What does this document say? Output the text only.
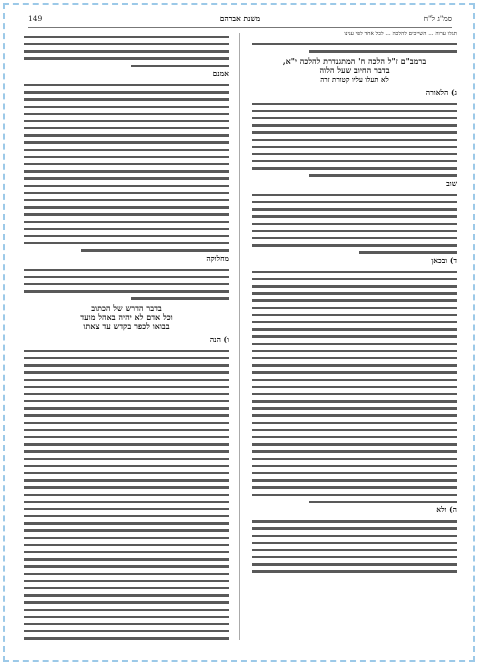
סמ"ג ל"ח
משנת אברהם
149
תגלו ערוה ... השייכים להלכה ... לכל אחד לפי ענינו
ברמב"ם ז"ל הלכה ח' המתגנדרת להלכה י"א,
בדבר החיוב שעל הלוה
לא תעלו עליו קטורת זרה
ג) הלאורה
שוב
ד) ובכאן
ה) ולא
אמנם
מחלוקה
בדבר הדרש של הכתוב
וכל אדם לא יהיה באהל מועד
בבואו לכפר בקדש עד צאתו
ו) הנה
